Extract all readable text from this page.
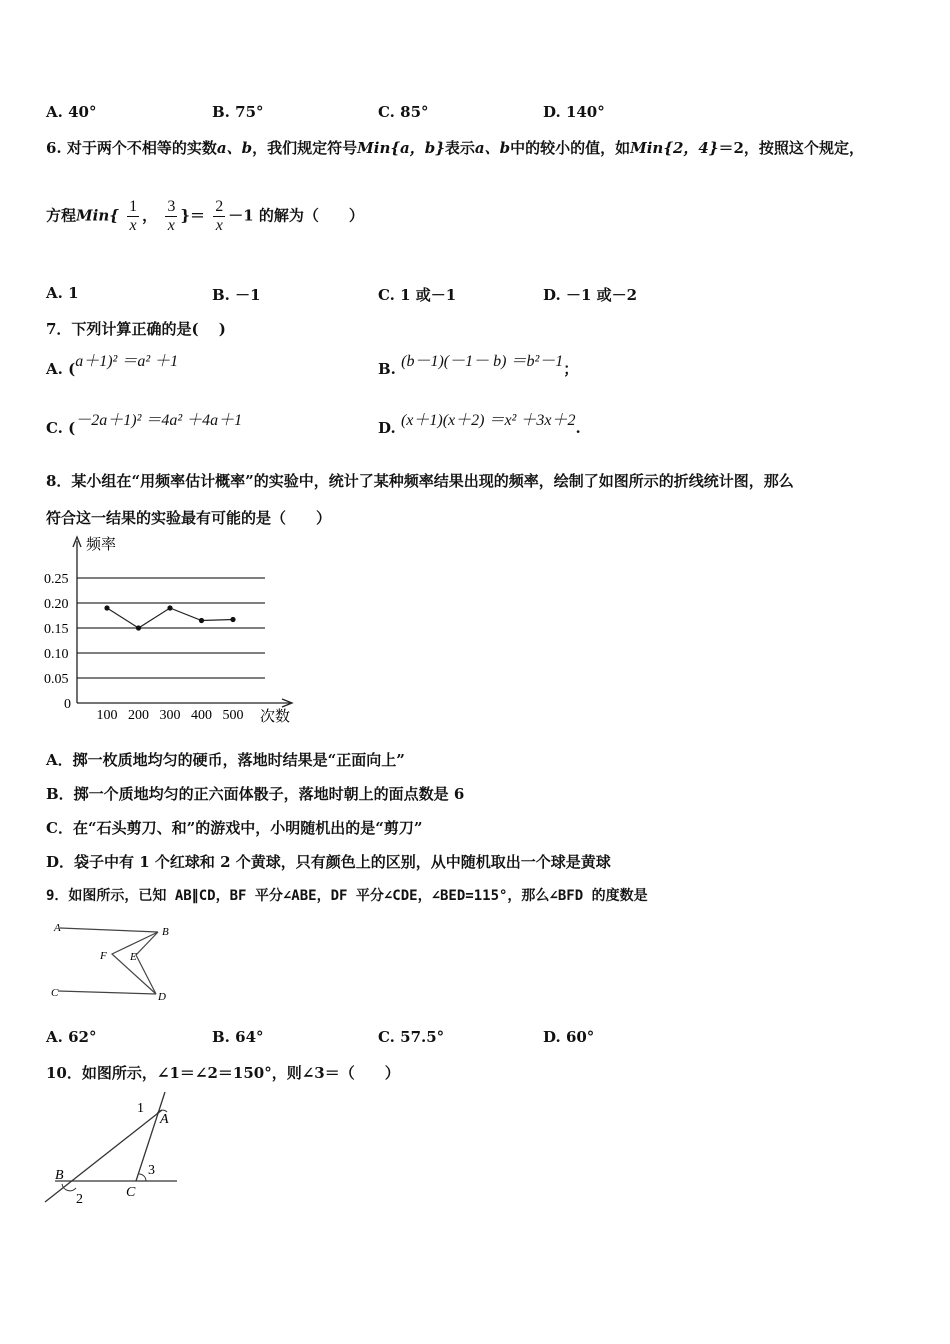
A. 40°	B. 75°	C. 85°	D. 140°
6. 对于两个不相等的实数a、b，我们规定符号Min{a，b}表示a、b中的较小的值，如Min{2，4}＝2，按照这个规定，
方程$Min\{ \frac{1}{x}$ ， $\frac{3}{x}$ }＝ $\frac{2}{x} -1$ 的解为（　　）
A. 1	B. －1	C. 1 或－1	D. －1 或－2
7．下列计算正确的是(　 )
A. (a＋1)² ＝a² ＋1	B. (b－1)(－1－ b) ＝b²－1；
C. (－2a＋1)² ＝4a² ＋4a＋1	D. (x＋1)(x＋2) ＝x² ＋3x＋2.
8．某小组在“用频率估计概率”的实验中，统计了某种频率结果出现的频率，绘制了如图所示的折线统计图，那么
符合这一结果的实验最有可能的是（　　）
0.25
0.20
0.15
0.10
0.05
0
100 200 300 400 500
频率
次数
A．掷一枚质地均匀的硬币，落地时结果是“正面向上”
B．掷一个质地均匀的正六面体骰子，落地时朝上的面点数是 6
C．在“石头剪刀、和”的游戏中，小明随机出的是“剪刀”
D．袋子中有 1 个红球和 2 个黄球，只有颜色上的区别，从中随机取出一个球是黄球
9．如图所示，已知 AB∥CD，BF 平分∠ABE，DF 平分∠CDE，∠BED=115°，那么∠BFD 的度数是
A	B
F E
C	D
A. 62°	B. 64°	C. 57.5°	D. 60°
10．如图所示，∠1＝∠2＝150°，则∠3＝（　　）
1
A
B
2	C
3
